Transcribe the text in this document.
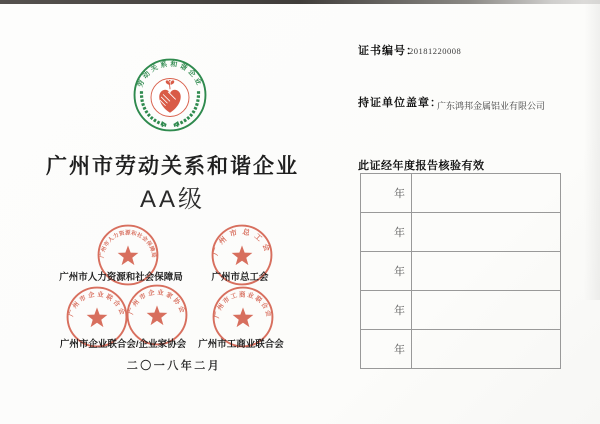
劳动关系和谐企业
广州市劳动关系和谐企业
AA级
广州市人力资源和社会保障局	广州市总工会
广州市企业联合会 广州市企业家协会	广州市工商业联合会
广州市人力资源和社会保障局	广州市总工会
广州市企业联合会/企业家协会 广州市工商业联合会
二〇一八年二月
证书编号：
20181220008
持证单位盖章：
广东鸿邦金属铝业有限公司
此证经年度报告核验有效
年
年
年
年
年
